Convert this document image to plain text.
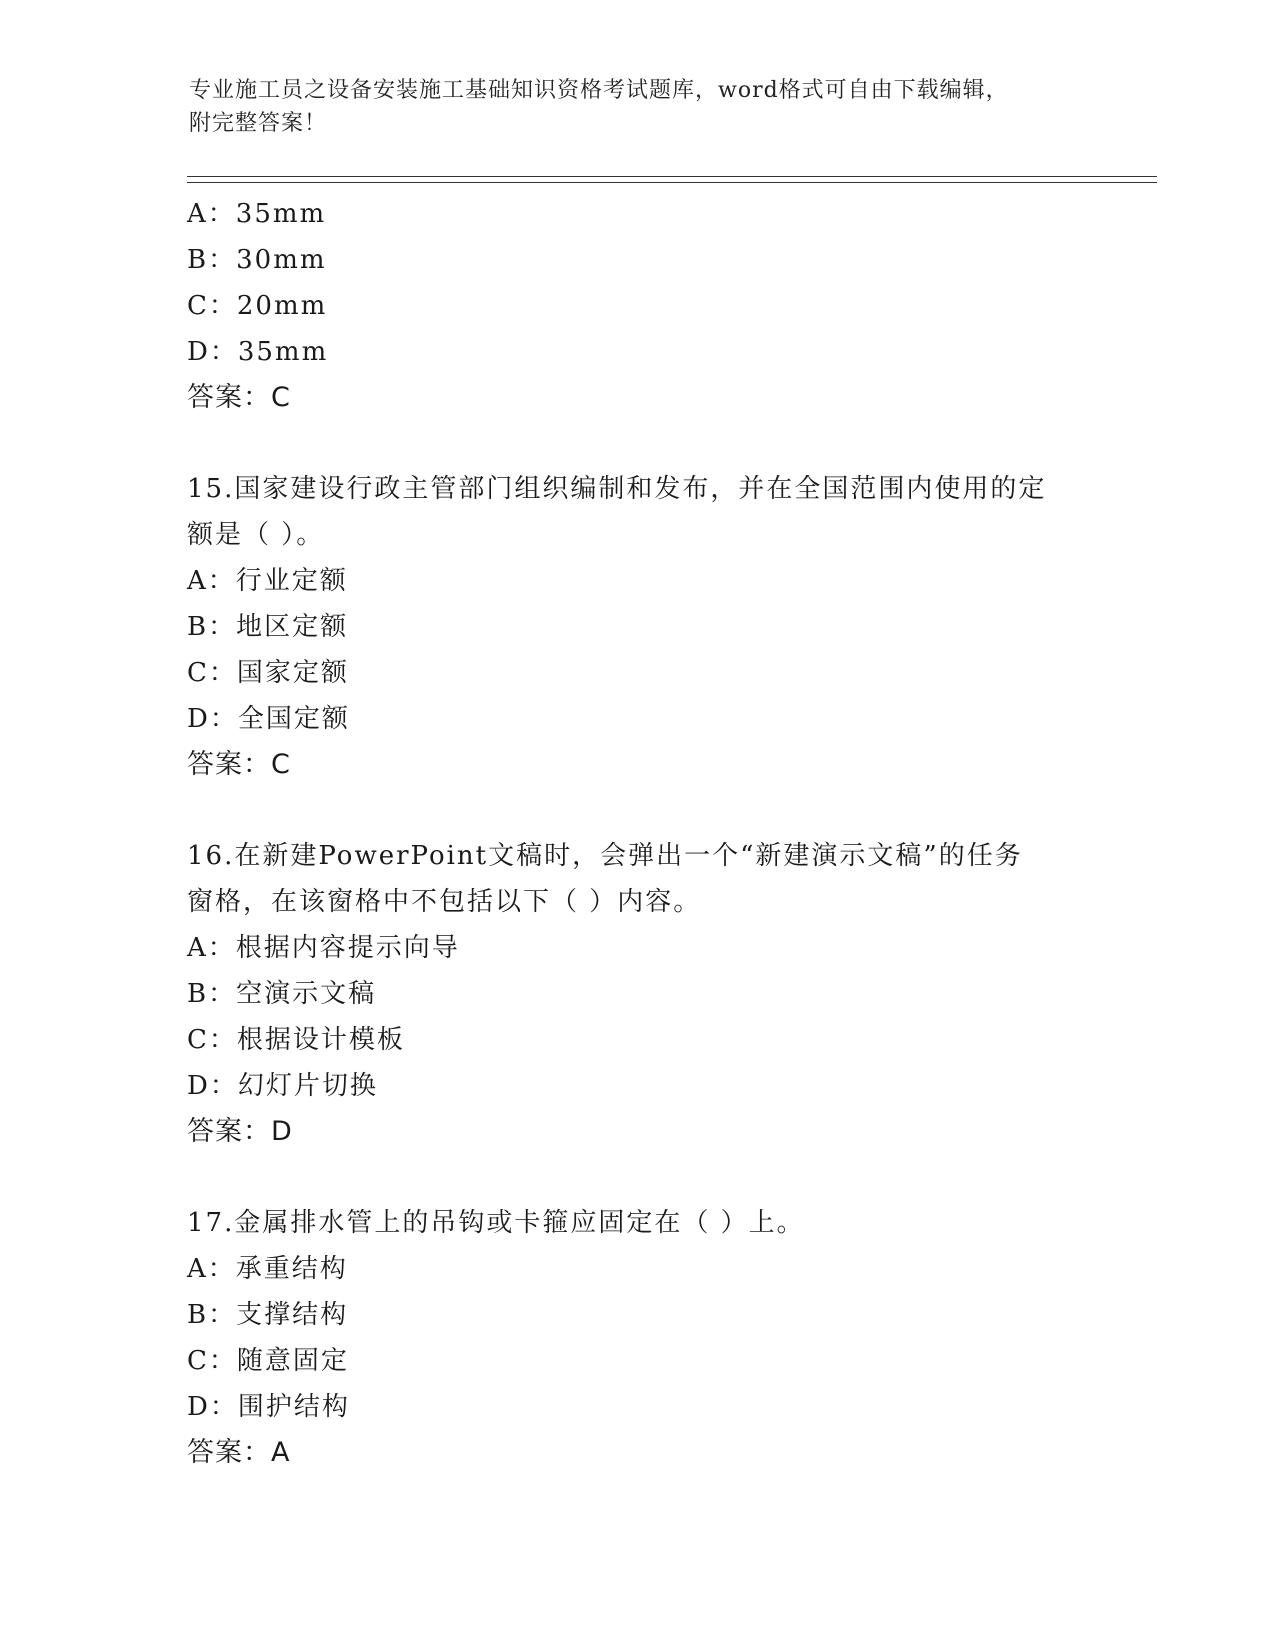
专业施工员之设备安装施工基础知识资格考试题库，word格式可自由下载编辑，
附完整答案！
A：35mm
B：30mm
C：20mm
D：35mm
答案：C
15.国家建设行政主管部门组织编制和发布，并在全国范围内使用的定
额是（ ）。
A：行业定额
B：地区定额
C：国家定额
D：全国定额
答案：C
16.在新建PowerPoint文稿时，会弹出一个“新建演示文稿”的任务
窗格，在该窗格中不包括以下（ ）内容。
A：根据内容提示向导
B：空演示文稿
C：根据设计模板
D：幻灯片切换
答案：D
17.金属排水管上的吊钩或卡箍应固定在（ ）上。
A：承重结构
B：支撑结构
C：随意固定
D：围护结构
答案：A
